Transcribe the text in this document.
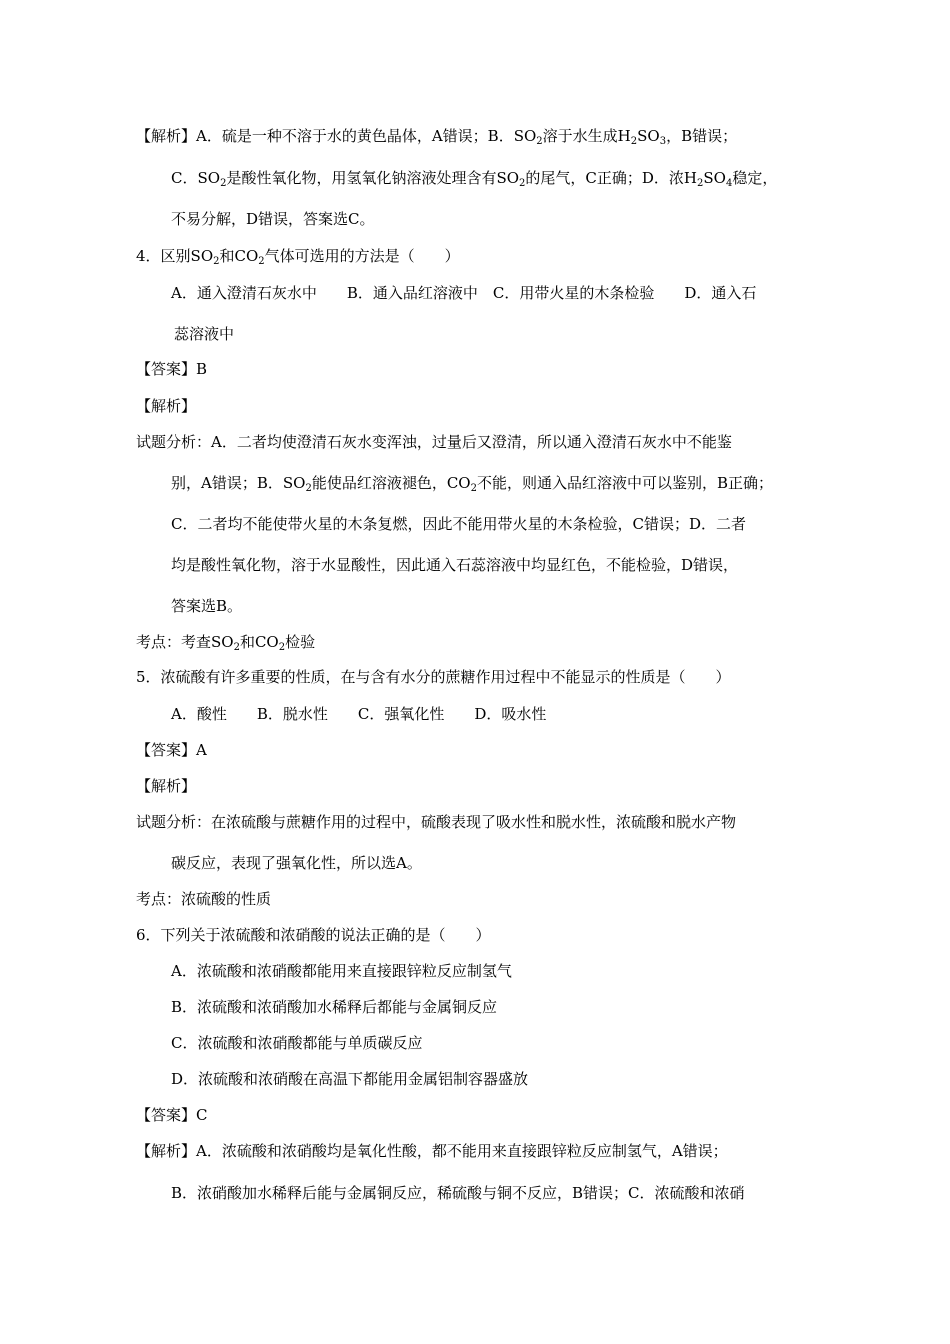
【解析】A．硫是一种不溶于水的黄色晶体，A错误；B．$SO_2$溶于水生成$H_2SO_3$，B错误；
C．$SO_2$是酸性氧化物，用氢氧化钠溶液处理含有$SO_2$的尾气，C正确；D．浓$H_2SO_4$稳定，
不易分解，D错误，答案选C。
4．区别$SO_2$和$CO_2$气体可选用的方法是（　　）
A．通入澄清石灰水中　　B．通入品红溶液中　C．用带火星的木条检验　　D．通入石
蕊溶液中
【答案】B
【解析】
试题分析：A．二者均使澄清石灰水变浑浊，过量后又澄清，所以通入澄清石灰水中不能鉴
别，A错误；B．$SO_2$能使品红溶液褪色，$CO_2$不能，则通入品红溶液中可以鉴别，B正确；
C．二者均不能使带火星的木条复燃，因此不能用带火星的木条检验，C错误；D．二者
均是酸性氧化物，溶于水显酸性，因此通入石蕊溶液中均显红色，不能检验，D错误，
答案选B。
考点：考查$SO_2$和$CO_2$检验
5．浓硫酸有许多重要的性质，在与含有水分的蔗糖作用过程中不能显示的性质是（　　）
A．酸性　　B．脱水性　　C．强氧化性　　D．吸水性
【答案】A
【解析】
试题分析：在浓硫酸与蔗糖作用的过程中，硫酸表现了吸水性和脱水性，浓硫酸和脱水产物
碳反应，表现了强氧化性，所以选A。
考点：浓硫酸的性质
6．下列关于浓硫酸和浓硝酸的说法正确的是（　　）
A．浓硫酸和浓硝酸都能用来直接跟锌粒反应制氢气
B．浓硫酸和浓硝酸加水稀释后都能与金属铜反应
C．浓硫酸和浓硝酸都能与单质碳反应
D．浓硫酸和浓硝酸在高温下都能用金属铝制容器盛放
【答案】C
【解析】A．浓硫酸和浓硝酸均是氧化性酸，都不能用来直接跟锌粒反应制氢气，A错误；
B．浓硝酸加水稀释后能与金属铜反应，稀硫酸与铜不反应，B错误；C．浓硫酸和浓硝
